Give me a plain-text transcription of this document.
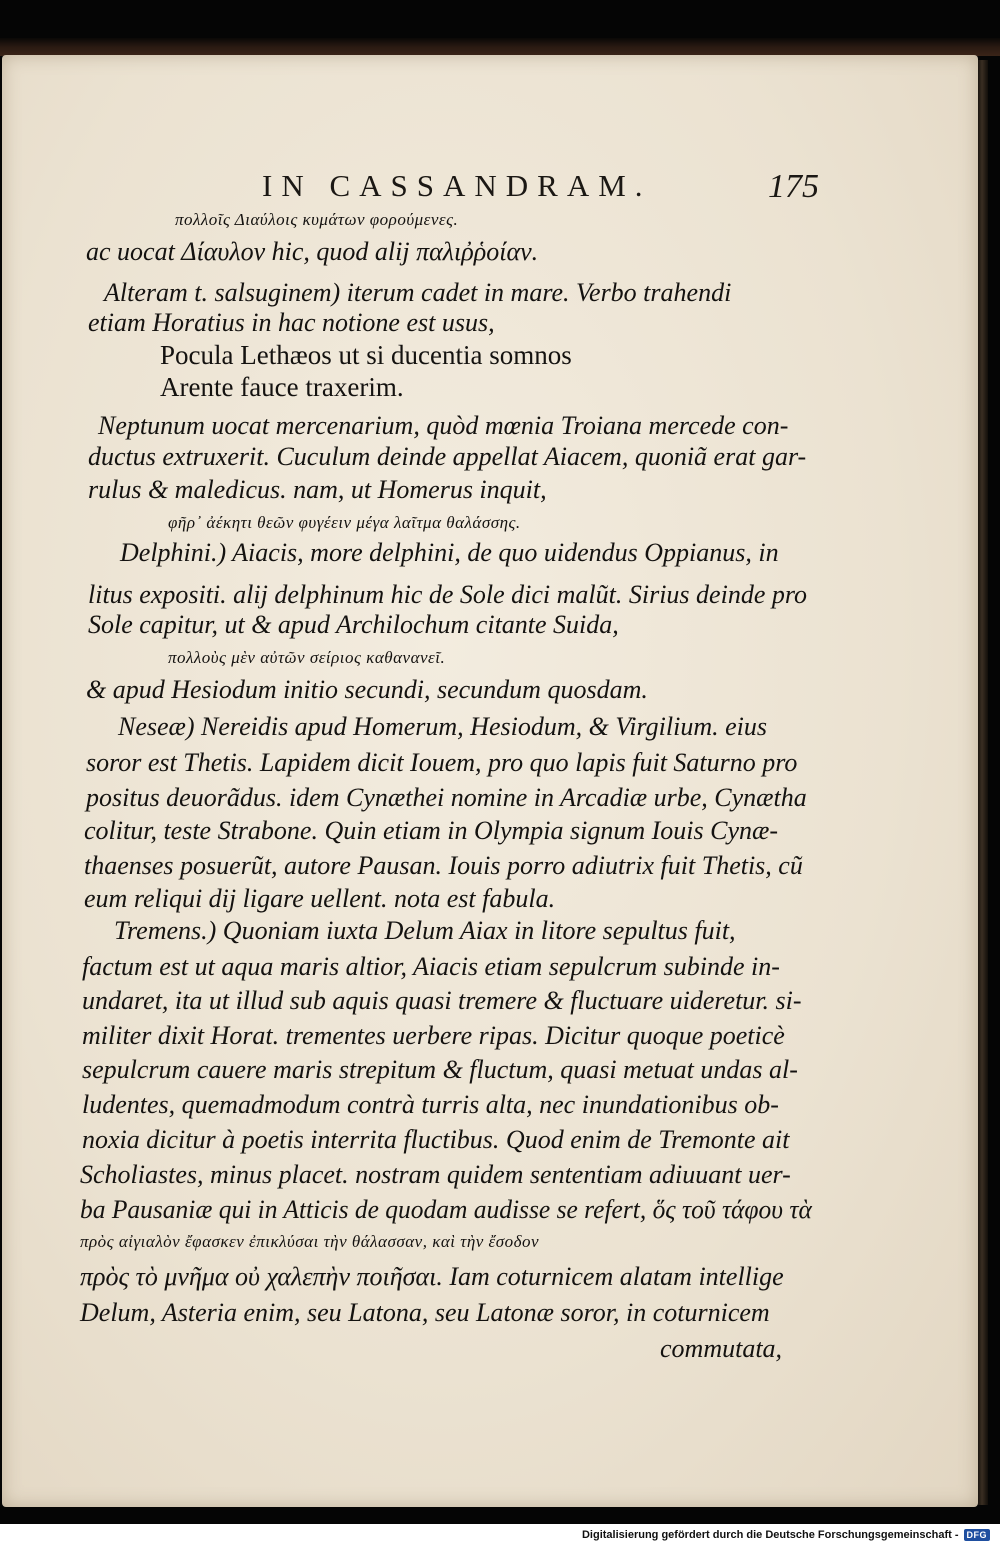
IN CASSANDRAM.	175
πολλοῖς Διαύλοις κυμάτων φορούμενες.
ac uocat Δίαυλον hic, quod alij παλιῤῥοίαν.
Alteram t. salsuginem) iterum cadet in mare. Verbo trahendi
etiam Horatius in hac notione est usus,
Pocula Lethæos ut si ducentia somnos
Arente fauce traxerim.
Neptunum uocat mercenarium, quòd mœnia Troiana mercede con-
ductus extruxerit. Cuculum deinde appellat Aiacem, quoniã erat gar-
rulus & maledicus. nam, ut Homerus inquit,
φῆρ᾽ ἀέκητι θεῶν φυγέειν μέγα λαῖτμα θαλάσσης.
Delphini.) Aiacis, more delphini, de quo uidendus Oppianus, in
litus expositi. alij delphinum hic de Sole dici malũt. Sirius deinde pro
Sole capitur, ut & apud Archilochum citante Suida,
πολλοὺς μὲν αὐτῶν σείριος καθανανεῖ.
& apud Hesiodum initio secundi, secundum quosdam.
Neseæ) Nereidis apud Homerum, Hesiodum, & Virgilium. eius
soror est Thetis. Lapidem dicit Iouem, pro quo lapis fuit Saturno pro
positus deuorãdus. idem Cynæthei nomine in Arcadiæ urbe, Cynætha
colitur, teste Strabone. Quin etiam in Olympia signum Iouis Cynæ-
thaenses posuerũt, autore Pausan. Iouis porro adiutrix fuit Thetis, cũ
eum reliqui dij ligare uellent. nota est fabula.
Tremens.) Quoniam iuxta Delum Aiax in litore sepultus fuit,
factum est ut aqua maris altior, Aiacis etiam sepulcrum subinde in-
undaret, ita ut illud sub aquis quasi tremere & fluctuare uideretur. si-
militer dixit Horat. trementes uerbere ripas. Dicitur quoque poeticè
sepulcrum cauere maris strepitum & fluctum, quasi metuat undas al-
ludentes, quemadmodum contrà turris alta, nec inundationibus ob-
noxia dicitur à poetis interrita fluctibus. Quod enim de Tremonte ait
Scholiastes, minus placet. nostram quidem sententiam adiuuant uer-
ba Pausaniæ qui in Atticis de quodam audisse se refert, ὅς τοῦ τάφου τὰ
πρὸς αἰγιαλὸν ἔφασκεν ἐπικλύσαι τὴν θάλασσαν, καὶ τὴν ἔσοδον
πρὸς τὸ μνῆμα οὐ χαλεπὴν ποιῆσαι. Iam coturnicem alatam intellige
Delum, Asteria enim, seu Latona, seu Latonæ soror, in coturnicem
commutata,
Digitalisierung gefördert durch die Deutsche Forschungsgemeinschaft - DFG
